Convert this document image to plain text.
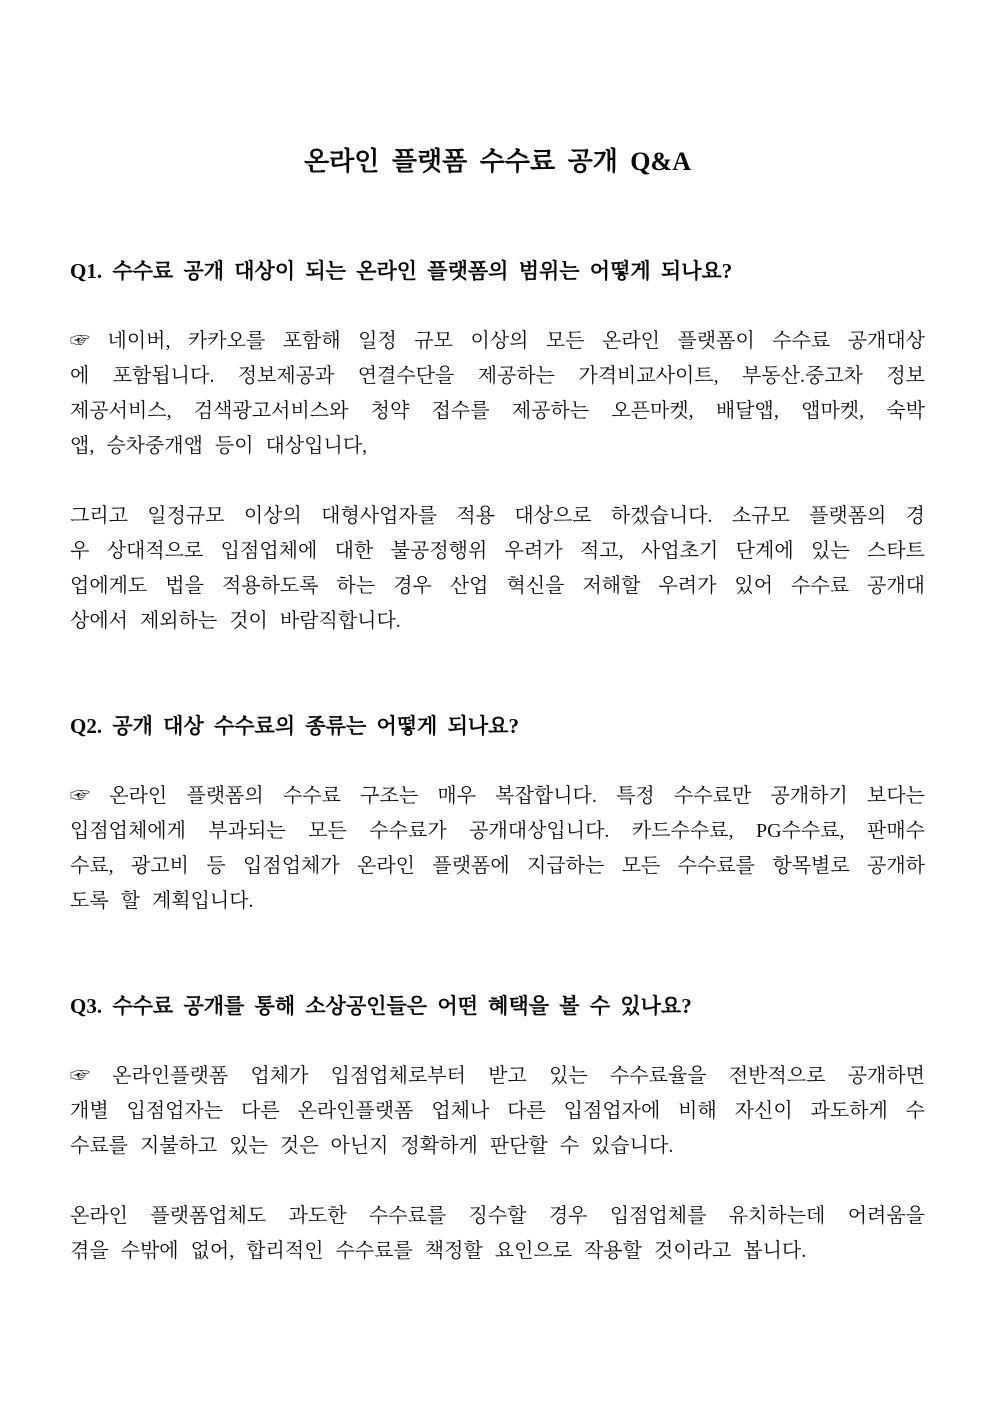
온라인 플랫폼 수수료 공개 Q&A
Q1. 수수료 공개 대상이 되는 온라인 플랫폼의 범위는 어떻게 되나요?
☞ 네이버, 카카오를 포함해 일정 규모 이상의 모든 온라인 플랫폼이 수수료 공개대상
에 포함됩니다. 정보제공과 연결수단을 제공하는 가격비교사이트, 부동산.중고차 정보
제공서비스, 검색광고서비스와 청약 접수를 제공하는 오픈마켓, 배달앱, 앱마켓, 숙박
앱, 승차중개앱 등이 대상입니다,
그리고 일정규모 이상의 대형사업자를 적용 대상으로 하겠습니다. 소규모 플랫폼의 경
우 상대적으로 입점업체에 대한 불공정행위 우려가 적고, 사업초기 단계에 있는 스타트
업에게도 법을 적용하도록 하는 경우 산업 혁신을 저해할 우려가 있어 수수료 공개대
상에서 제외하는 것이 바람직합니다.
Q2. 공개 대상 수수료의 종류는 어떻게 되나요?
☞ 온라인 플랫폼의 수수료 구조는 매우 복잡합니다. 특정 수수료만 공개하기 보다는
입점업체에게 부과되는 모든 수수료가 공개대상입니다. 카드수수료, PG수수료, 판매수
수료, 광고비 등 입점업체가 온라인 플랫폼에 지급하는 모든 수수료를 항목별로 공개하
도록 할 계획입니다.
Q3. 수수료 공개를 통해 소상공인들은 어떤 혜택을 볼 수 있나요?
☞ 온라인플랫폼 업체가 입점업체로부터 받고 있는 수수료율을 전반적으로 공개하면
개별 입점업자는 다른 온라인플랫폼 업체나 다른 입점업자에 비해 자신이 과도하게 수
수료를 지불하고 있는 것은 아닌지 정확하게 판단할 수 있습니다.
온라인 플랫폼업체도 과도한 수수료를 징수할 경우 입점업체를 유치하는데 어려움을
겪을 수밖에 없어, 합리적인 수수료를 책정할 요인으로 작용할 것이라고 봅니다.
